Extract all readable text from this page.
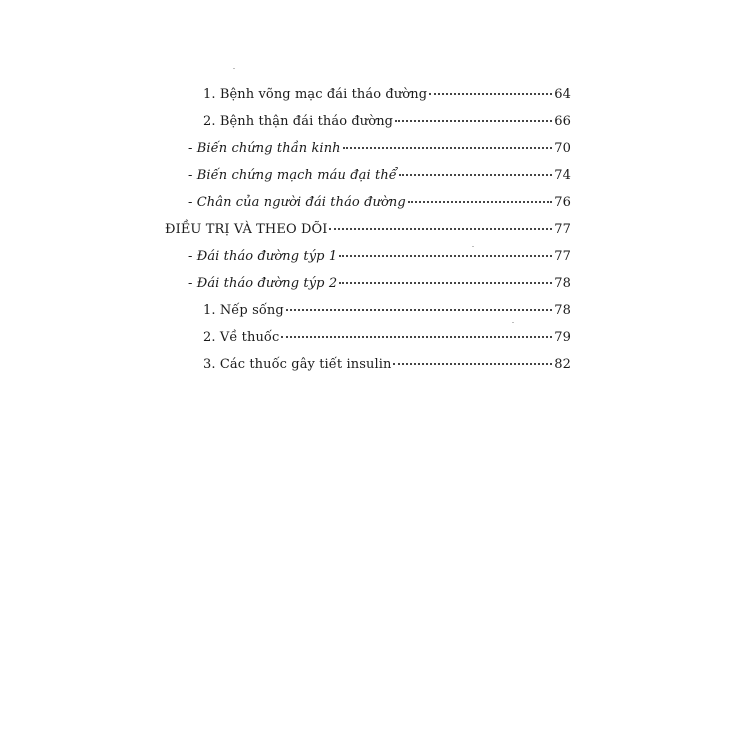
1. Bệnh võng mạc đái tháo đường	64
2. Bệnh thận đái tháo đường	66
- Biến chứng thần kinh	70
- Biến chứng mạch máu đại thể	74
- Chân của người đái tháo đường	76
ĐIỀU TRỊ VÀ THEO DÕI	77
- Đái tháo đường týp 1	77
- Đái tháo đường týp 2	78
1. Nếp sống	78
2. Về thuốc	79
3. Các thuốc gây tiết insulin	82
